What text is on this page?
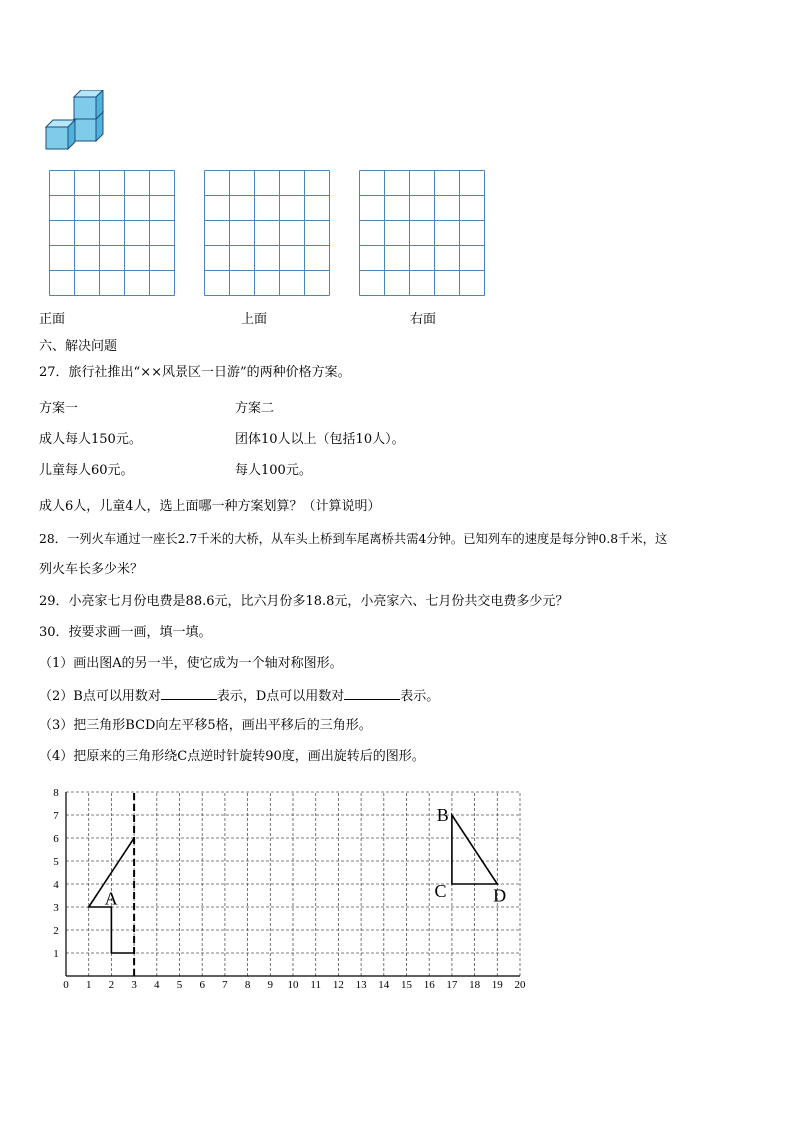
正面	上面	右面
六、解决问题
27．旅行社推出“××风景区一日游”的两种价格方案。
方案一	方案二
成人每人150元。	团体10人以上（包括10人）。
儿童每人60元。	每人100元。
成人6人，儿童4人，选上面哪一种方案划算？（计算说明）
28．一列火车通过一座长2.7千米的大桥，从车头上桥到车尾离桥共需4分钟。已知列车的速度是每分钟0.8千米，这
列火车长多少米？
29．小亮家七月份电费是88.6元，比六月份多18.8元，小亮家六、七月份共交电费多少元？
30．按要求画一画，填一填。
（1）画出图A的另一半，使它成为一个轴对称图形。
（2）B点可以用数对	表示，D点可以用数对	表示。
（3）把三角形BCD向左平移5格，画出平移后的三角形。
（4）把原来的三角形绕C点逆时针旋转90度，画出旋转后的图形。
0 1 2 3 4 5 6 7 8 9 10 11 12 13 14 15 16 17 18 19 20
1
2
3
4
5
6
7
8
A
B
C	D
